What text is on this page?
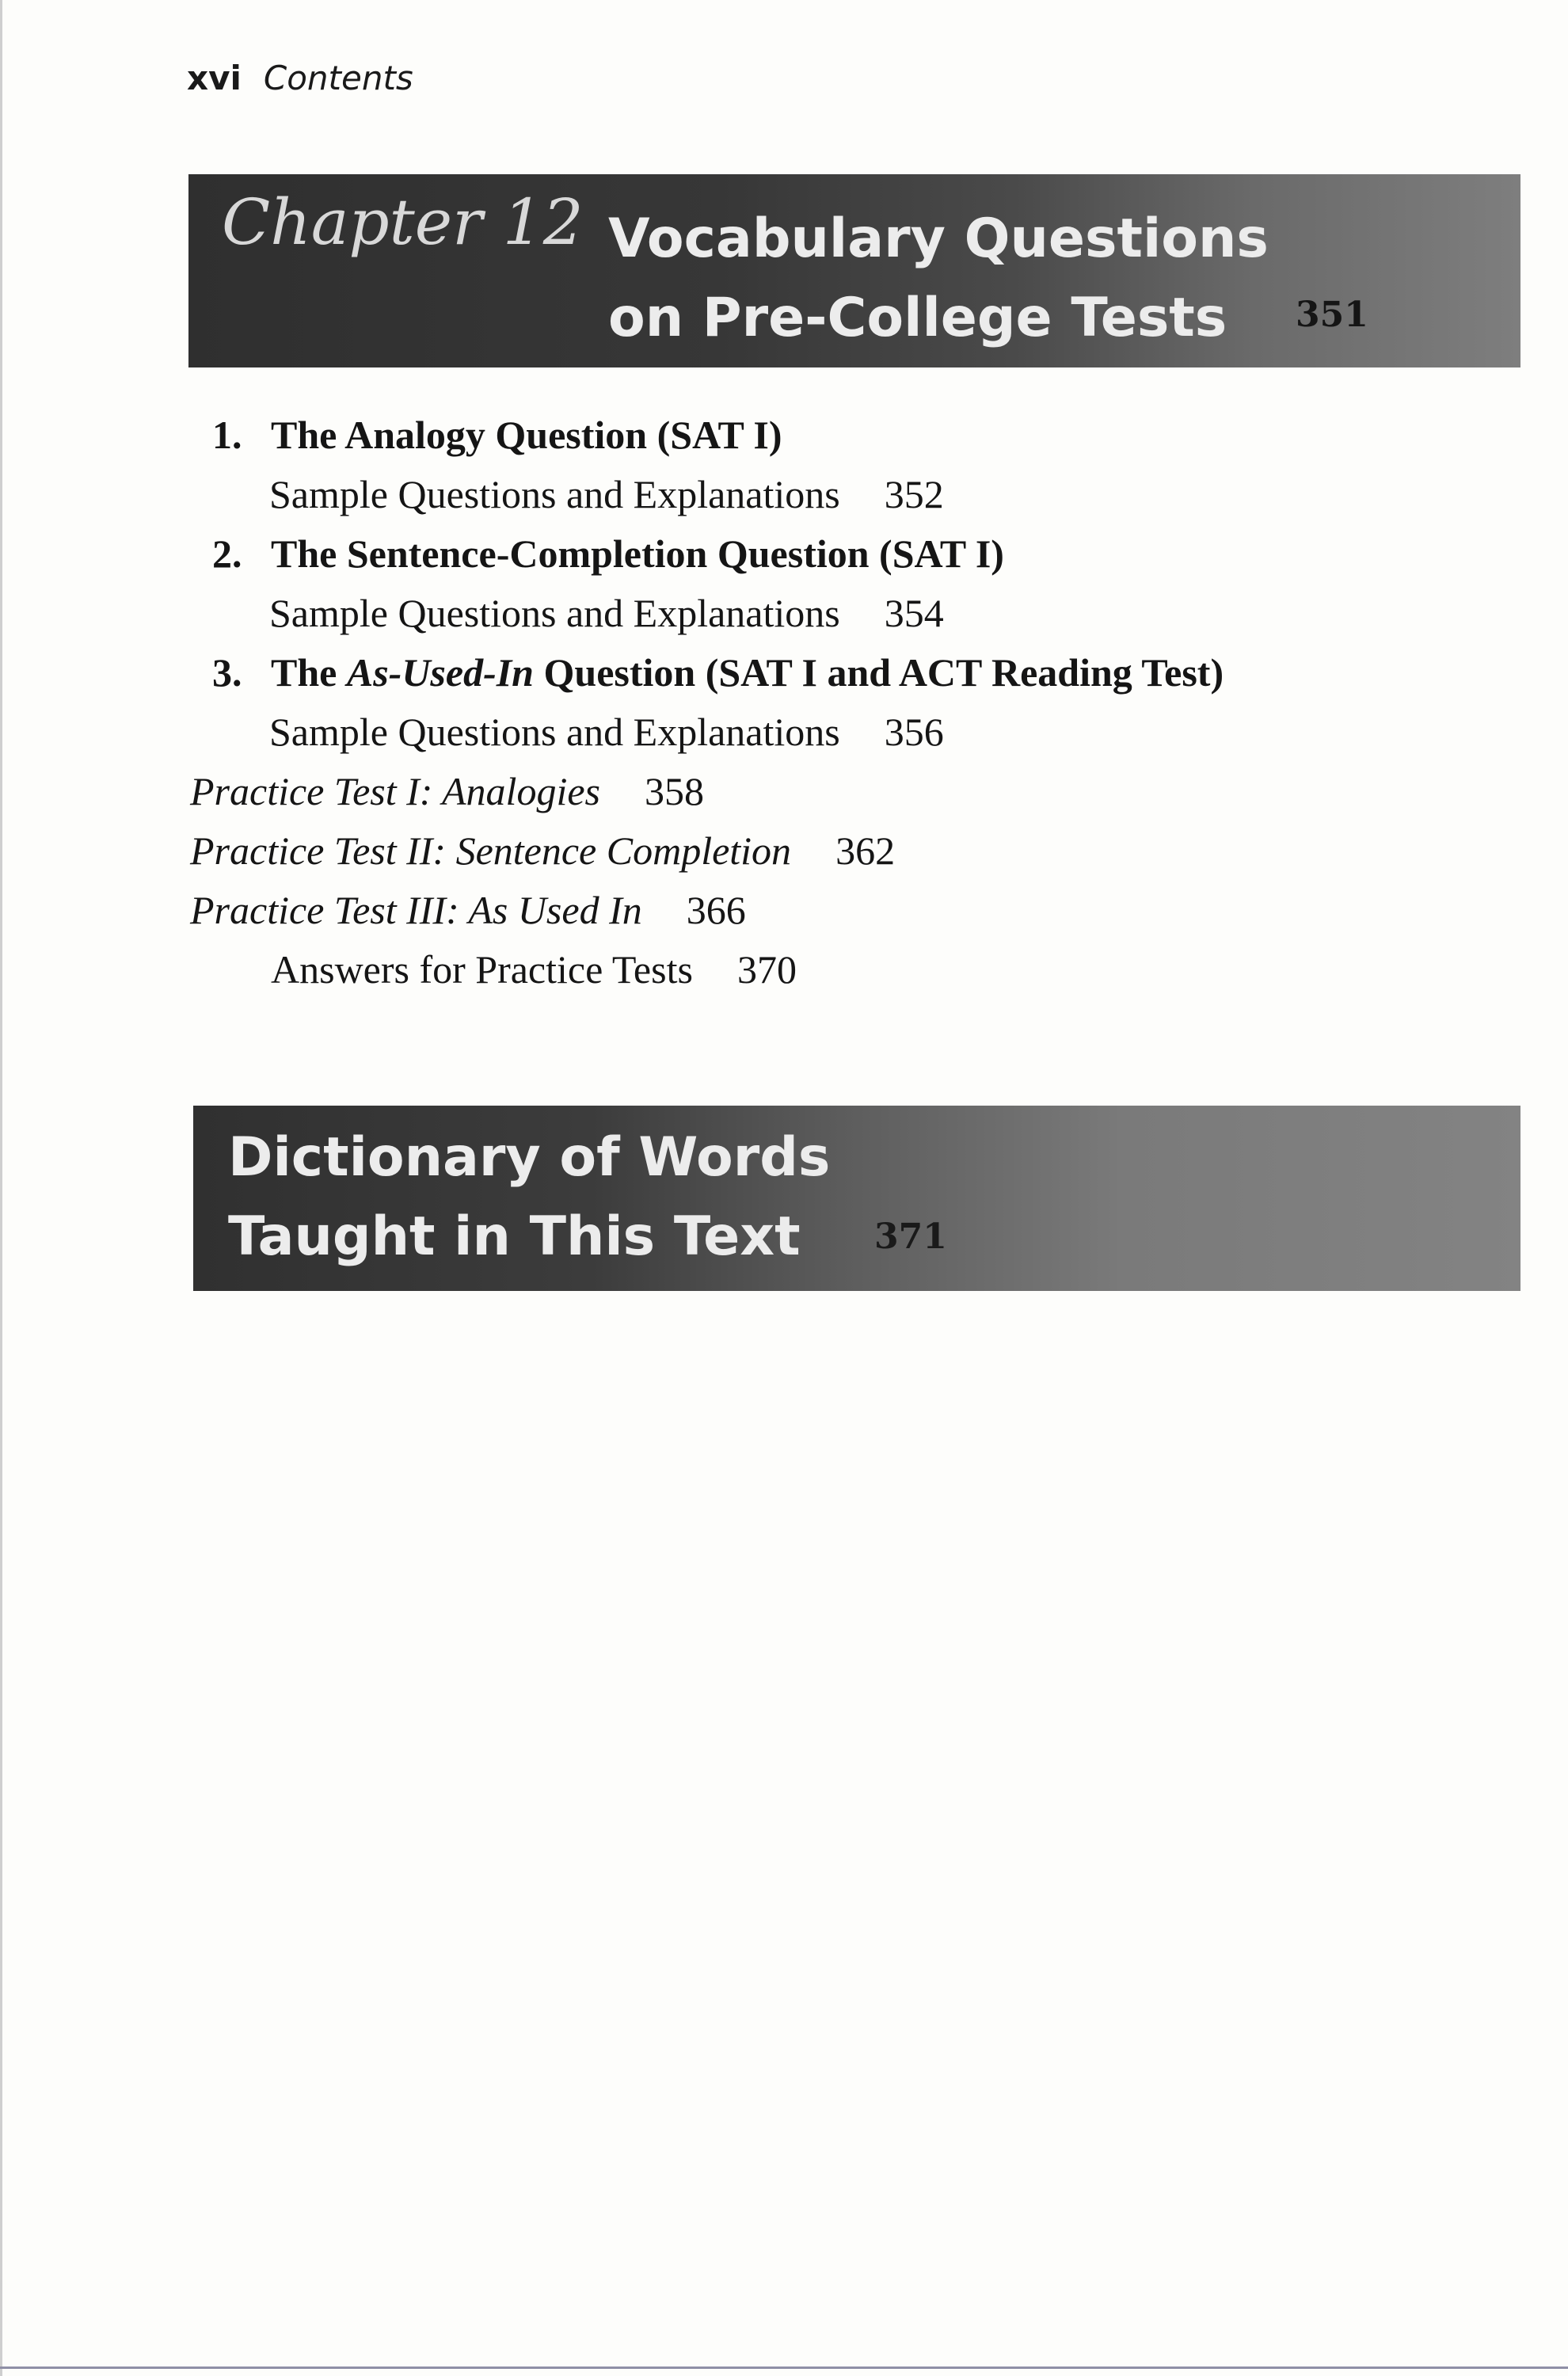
xvi Contents
Chapter 12 Vocabulary Questions
on Pre-College Tests	351
1. The Analogy Question (SAT I)
Sample Questions and Explanations 352
2. The Sentence-Completion Question (SAT I)
Sample Questions and Explanations 354
3. The As-Used-In Question (SAT I and ACT Reading Test)
Sample Questions and Explanations 356
Practice Test I: Analogies 358
Practice Test II: Sentence Completion 362
Practice Test III: As Used In 366
Answers for Practice Tests 370
Dictionary of Words
Taught in This Text	371
